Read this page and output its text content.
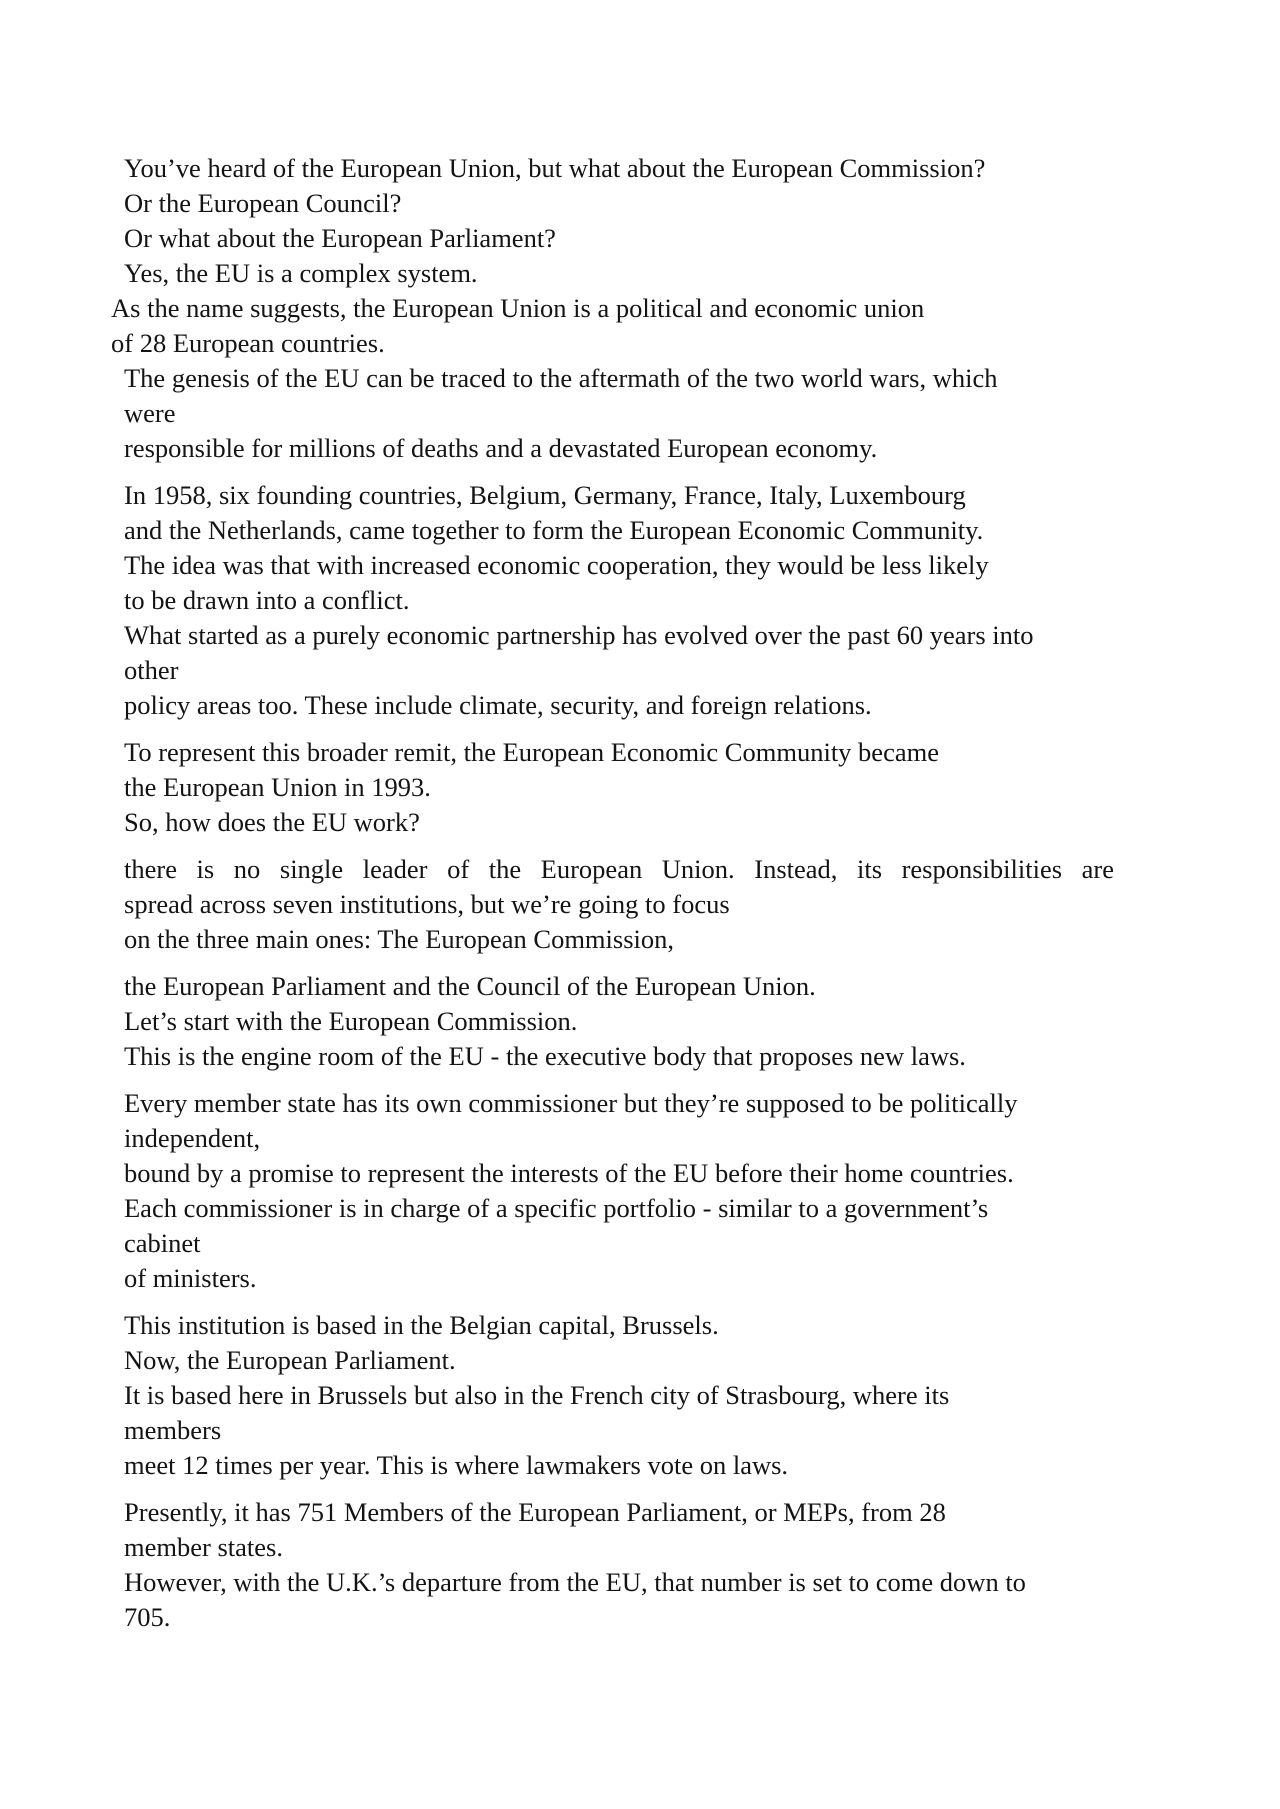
You’ve heard of the European Union, but what about the European Commission?

Or the European Council?

Or what about the European Parliament?

Yes, the EU is a complex system.

As the name suggests, the European Union is a political and economic union

of 28 European countries.

The genesis of the EU can be traced to the aftermath of the two world wars, which

were

responsible for millions of deaths and a devastated European economy.

In 1958, six founding countries, Belgium, Germany, France, Italy, Luxembourg

and the Netherlands, came together to form the European Economic Community.

The idea was that with increased economic cooperation, they would be less likely

to be drawn into a conflict.

What started as a purely economic partnership has evolved over the past 60 years into

other

policy areas too. These include climate, security, and foreign relations.

To represent this broader remit, the European Economic Community became

the European Union in 1993.

So, how does the EU work?

there is no single leader of the European Union. Instead, its responsibilities are

spread across seven institutions, but we’re going to focus

on the three main ones: The European Commission,

the European Parliament and the Council of the European Union.

Let’s start with the European Commission.

This is the engine room of the EU - the executive body that proposes new laws.

Every member state has its own commissioner but they’re supposed to be politically

independent,

bound by a promise to represent the interests of the EU before their home countries.

Each commissioner is in charge of a specific portfolio - similar to a government’s

cabinet

of ministers.

This institution is based in the Belgian capital, Brussels.

Now, the European Parliament.

It is based here in Brussels but also in the French city of Strasbourg, where its

members

meet 12 times per year. This is where lawmakers vote on laws.

Presently, it has 751 Members of the European Parliament, or MEPs, from 28

member states.

However, with the U.K.’s departure from the EU, that number is set to come down to

705.
